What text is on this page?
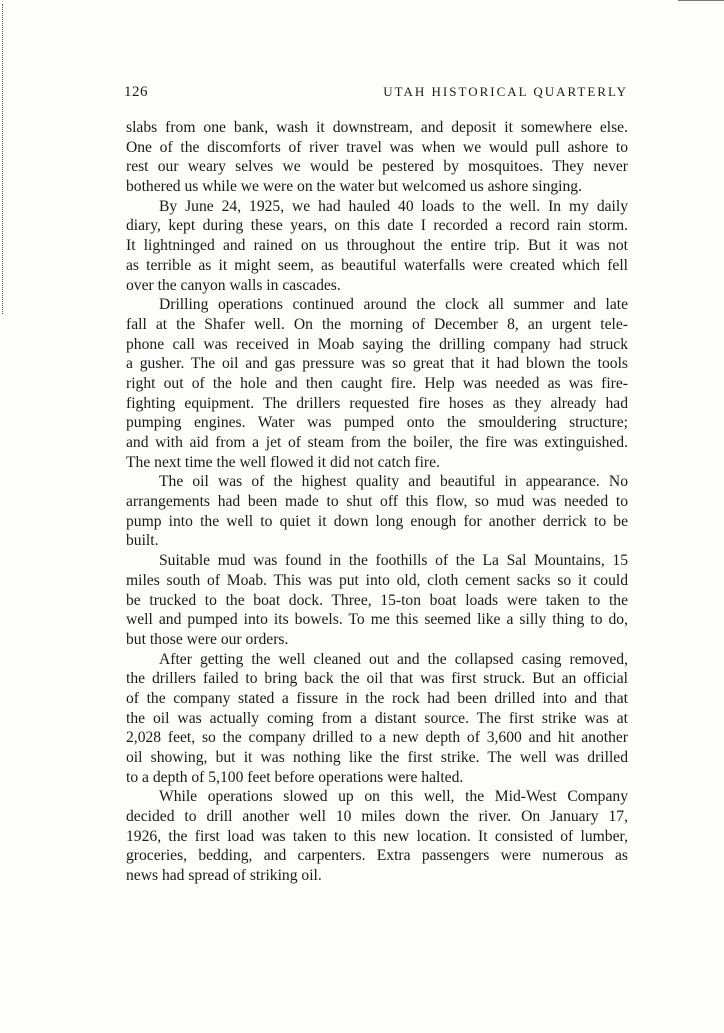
126	UTAH HISTORICAL QUARTERLY
slabs from one bank, wash it downstream, and deposit it somewhere else.
One of the discomforts of river travel was when we would pull ashore to
rest our weary selves we would be pestered by mosquitoes. They never
bothered us while we were on the water but welcomed us ashore singing.
By June 24, 1925, we had hauled 40 loads to the well. In my daily
diary, kept during these years, on this date I recorded a record rain storm.
It lightninged and rained on us throughout the entire trip. But it was not
as terrible as it might seem, as beautiful waterfalls were created which fell
over the canyon walls in cascades.
Drilling operations continued around the clock all summer and late
fall at the Shafer well. On the morning of December 8, an urgent tele-
phone call was received in Moab saying the drilling company had struck
a gusher. The oil and gas pressure was so great that it had blown the tools
right out of the hole and then caught fire. Help was needed as was fire-
fighting equipment. The drillers requested fire hoses as they already had
pumping engines. Water was pumped onto the smouldering structure;
and with aid from a jet of steam from the boiler, the fire was extinguished.
The next time the well flowed it did not catch fire.
The oil was of the highest quality and beautiful in appearance. No
arrangements had been made to shut off this flow, so mud was needed to
pump into the well to quiet it down long enough for another derrick to be
built.
Suitable mud was found in the foothills of the La Sal Mountains, 15
miles south of Moab. This was put into old, cloth cement sacks so it could
be trucked to the boat dock. Three, 15-ton boat loads were taken to the
well and pumped into its bowels. To me this seemed like a silly thing to do,
but those were our orders.
After getting the well cleaned out and the collapsed casing removed,
the drillers failed to bring back the oil that was first struck. But an official
of the company stated a fissure in the rock had been drilled into and that
the oil was actually coming from a distant source. The first strike was at
2,028 feet, so the company drilled to a new depth of 3,600 and hit another
oil showing, but it was nothing like the first strike. The well was drilled
to a depth of 5,100 feet before operations were halted.
While operations slowed up on this well, the Mid-West Company
decided to drill another well 10 miles down the river. On January 17,
1926, the first load was taken to this new location. It consisted of lumber,
groceries, bedding, and carpenters. Extra passengers were numerous as
news had spread of striking oil.
